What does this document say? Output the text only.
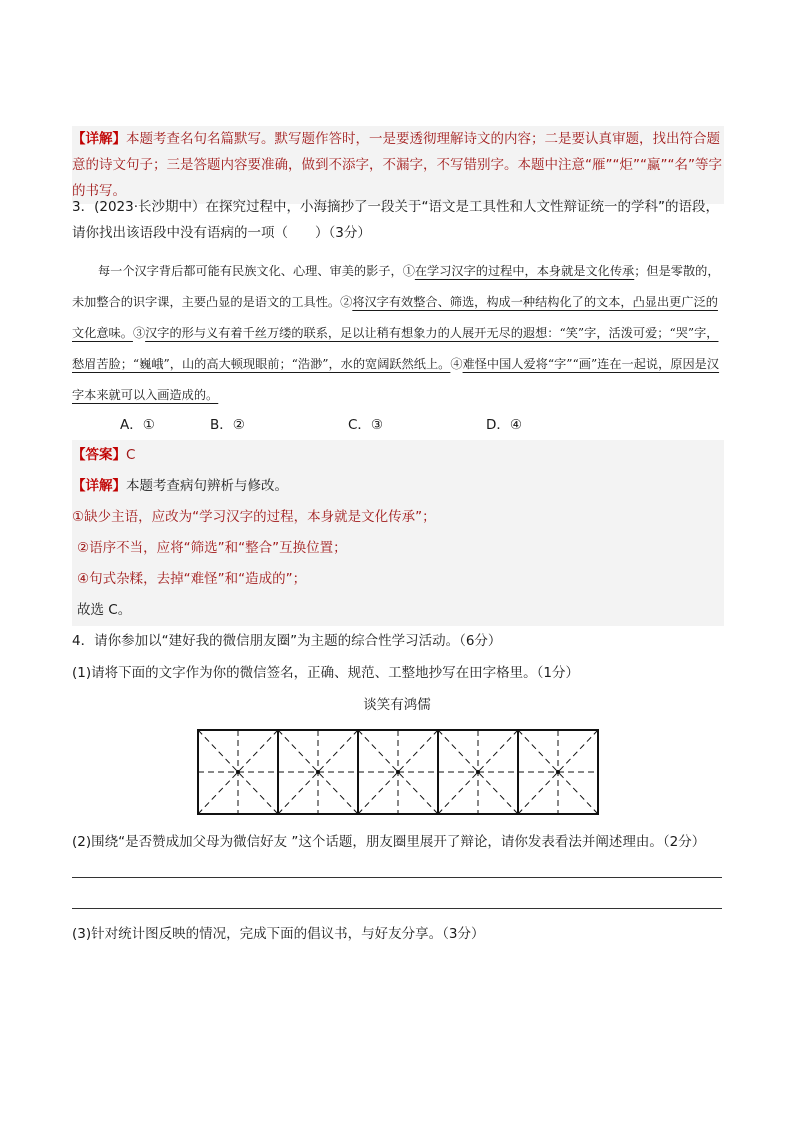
【详解】本题考查名句名篇默写。默写题作答时，一是要透彻理解诗文的内容；二是要认真审题，找出符合题意的诗文句子；三是答题内容要准确，做到不添字，不漏字，不写错别字。本题中注意“雁”“炬”“赢”“名”等字的书写。
3．(2023·长沙期中）在探究过程中，小海摘抄了一段关于“语文是工具性和人文性辩证统一的学科”的语段，请你找出该语段中没有语病的一项（　　）（3分）
每一个汉字背后都可能有民族文化、心理、审美的影子，①在学习汉字的过程中，本身就是文化传承；但是零散的，未加整合的识字课，主要凸显的是语文的工具性。②将汉字有效整合、筛选，构成一种结构化了的文本，凸显出更广泛的文化意味。③汉字的形与义有着千丝万缕的联系，足以让稍有想象力的人展开无尽的遐想：“笑”字，活泼可爱；“哭”字，愁眉苦脸；“巍峨”，山的高大顿现眼前；“浩渺”，水的宽阔跃然纸上。④难怪中国人爱将“字”“画”连在一起说，原因是汉字本来就可以入画造成的。
A．①	B．②	C．③	D．④
【答案】C
【详解】本题考查病句辨析与修改。
①缺少主语，应改为“学习汉字的过程，本身就是文化传承”；
②语序不当，应将“筛选”和“整合”互换位置；
④句式杂糅，去掉“难怪”和“造成的”；
故选 C。
4．请你参加以“建好我的微信朋友圈”为主题的综合性学习活动。（6分）
(1)请将下面的文字作为你的微信签名，正确、规范、工整地抄写在田字格里。（1分）
谈笑有鸿儒
(2)围绕“是否赞成加父母为微信好友 ”这个话题，朋友圈里展开了辩论，请你发表看法并阐述理由。（2分）
(3)针对统计图反映的情况，完成下面的倡议书，与好友分享。（3分）
